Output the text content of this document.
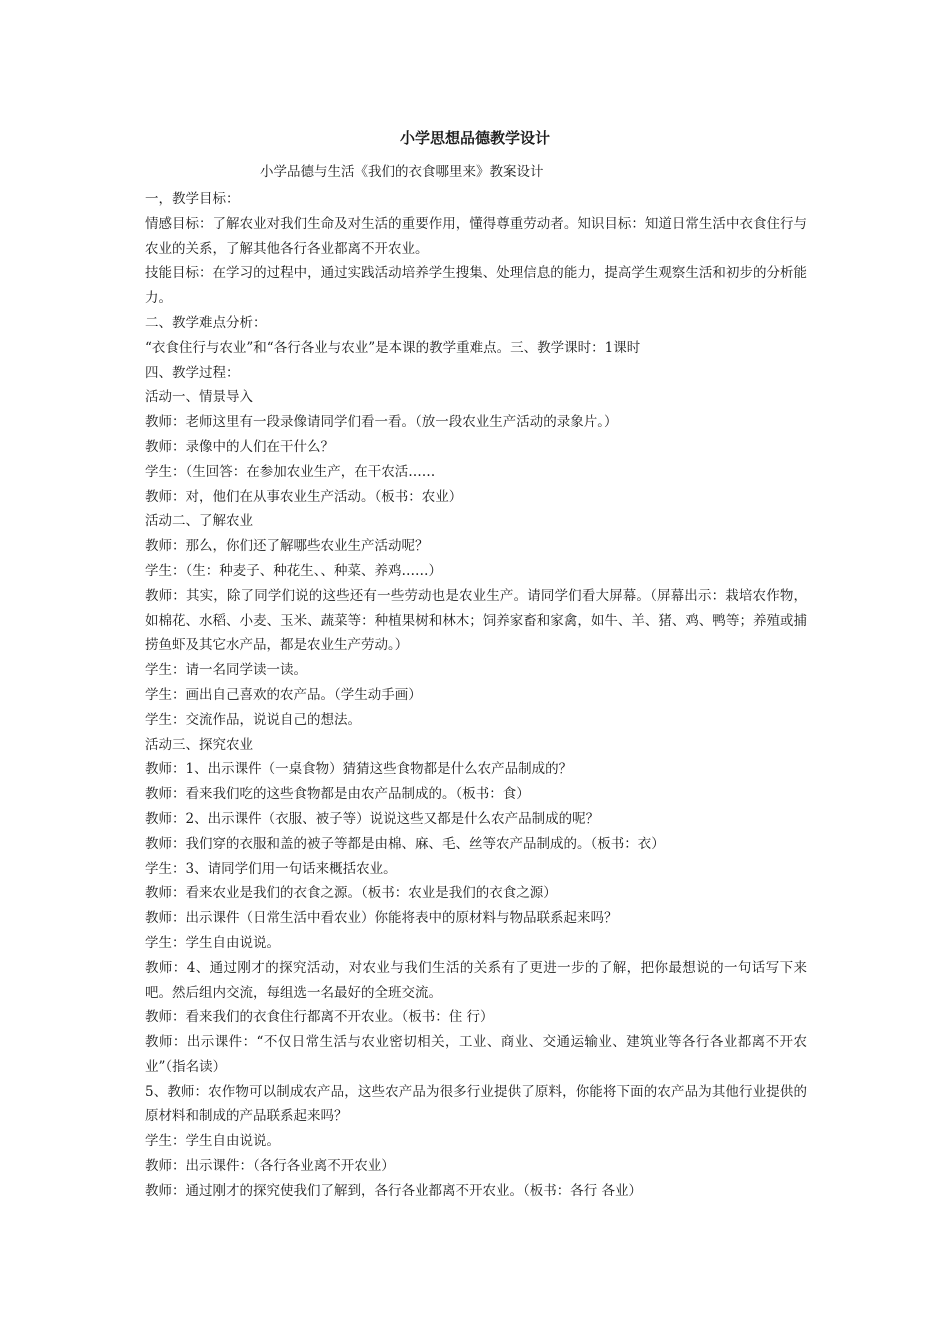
小学思想品德教学设计

小学品德与生活《我们的衣食哪里来》教案设计

一，教学目标：

情感目标：了解农业对我们生命及对生活的重要作用，懂得尊重劳动者。知识目标：知道日常生活中衣食住行与农业的关系，了解其他各行各业都离不开农业。

技能目标：在学习的过程中，通过实践活动培养学生搜集、处理信息的能力，提高学生观察生活和初步的分析能力。

二、教学难点分析：

“衣食住行与农业”和“各行各业与农业”是本课的教学重难点。三、教学课时：1课时

四、教学过程：

活动一、情景导入

教师：老师这里有一段录像请同学们看一看。（放一段农业生产活动的录象片。）

教师：录像中的人们在干什么？

学生：（生回答：在参加农业生产，在干农活……

教师：对，他们在从事农业生产活动。（板书：农业）

活动二、了解农业

教师：那么，你们还了解哪些农业生产活动呢？

学生：（生：种麦子、种花生、、种菜、养鸡……）

教师：其实，除了同学们说的这些还有一些劳动也是农业生产。请同学们看大屏幕。（屏幕出示：栽培农作物，如棉花、水稻、小麦、玉米、蔬菜等：种植果树和林木；饲养家畜和家禽，如牛、羊、猪、鸡、鸭等；养殖或捕捞鱼虾及其它水产品，都是农业生产劳动。）

学生：请一名同学读一读。

学生：画出自己喜欢的农产品。（学生动手画）

学生：交流作品，说说自己的想法。

活动三、探究农业

教师：1、出示课件（一桌食物）猜猜这些食物都是什么农产品制成的？

教师：看来我们吃的这些食物都是由农产品制成的。（板书：食）

教师：2、出示课件（衣服、被子等）说说这些又都是什么农产品制成的呢？

教师：我们穿的衣服和盖的被子等都是由棉、麻、毛、丝等农产品制成的。（板书：衣）

学生：3、请同学们用一句话来概括农业。

教师：看来农业是我们的衣食之源。（板书：农业是我们的衣食之源）

教师：出示课件（日常生活中看农业）你能将表中的原材料与物品联系起来吗？

学生：学生自由说说。

教师：4、通过刚才的探究活动，对农业与我们生活的关系有了更进一步的了解，把你最想说的一句话写下来吧。然后组内交流，每组选一名最好的全班交流。

教师：看来我们的衣食住行都离不开农业。（板书：住 行）

教师：出示课件：“不仅日常生活与农业密切相关，工业、商业、交通运输业、建筑业等各行各业都离不开农业”（指名读）

5、教师：农作物可以制成农产品，这些农产品为很多行业提供了原料，你能将下面的农产品为其他行业提供的原材料和制成的产品联系起来吗？

学生：学生自由说说。

教师：出示课件：（各行各业离不开农业）

教师：通过刚才的探究使我们了解到，各行各业都离不开农业。（板书：各行 各业）
